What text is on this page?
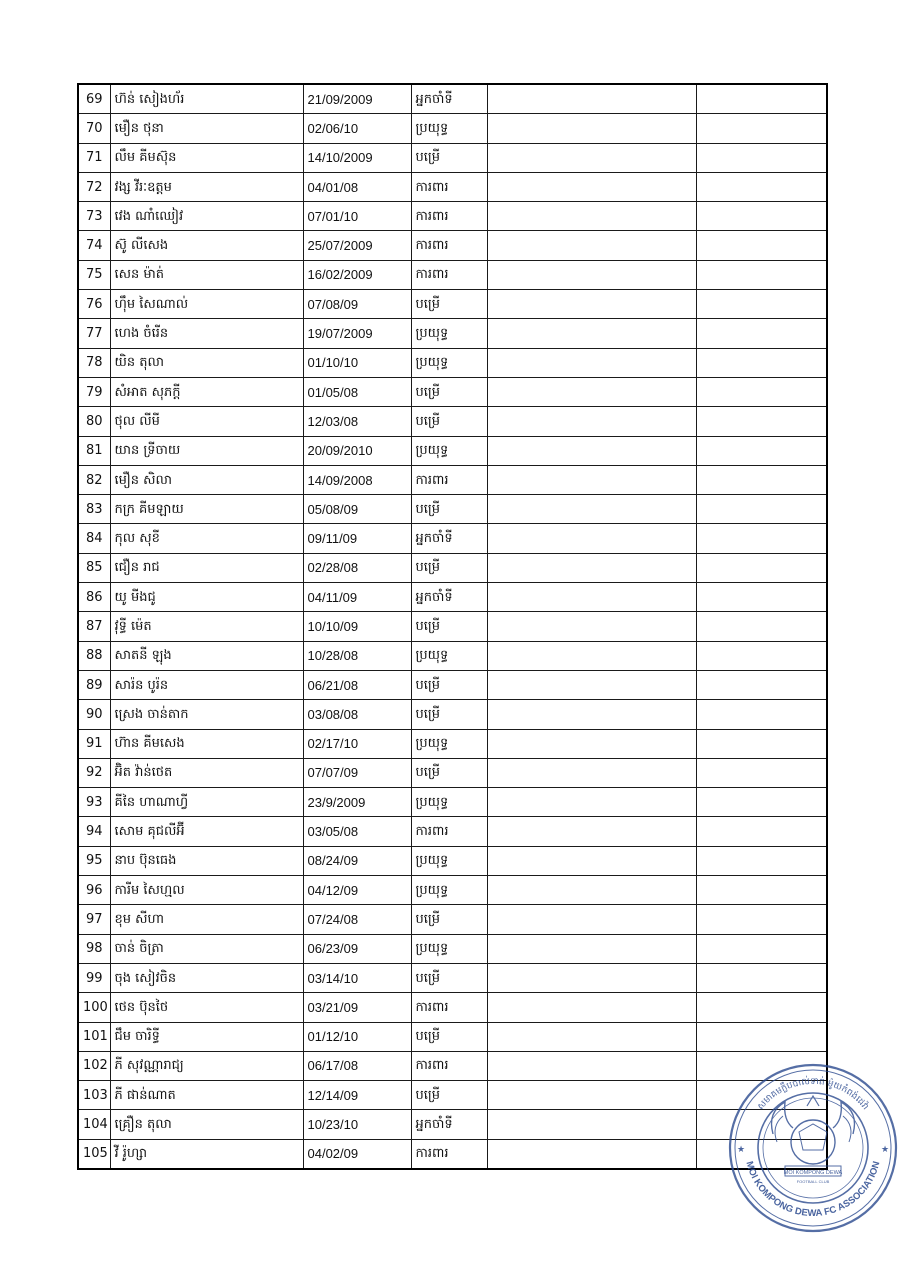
69	ហ៊ន់ សៀងហ័រ	21/09/2009	អ្នកចាំទី		
70	មឿន ថុនា	02/06/10	ប្រយុទ្ធ		
71	លឹម គីមស៊ុន	14/10/2009	បម្រើ		
72	វង្ស វីរៈឧត្តម	04/01/08	ការពារ		
73	វេង ណាំឈៀវ	07/01/10	ការពារ		
74	ស៊ូ លីសេង	25/07/2009	ការពារ		
75	សេន ម៉ាត់	16/02/2009	ការពារ		
76	ហ៊ឹម សៃណាល់	07/08/09	បម្រើ		
77	ហេង ចំរើន	19/07/2009	ប្រយុទ្ធ		
78	យិន តុលា	01/10/10	ប្រយុទ្ធ		
79	សំអាត សុភក្តី	01/05/08	បម្រើ		
80	ថុល លីមី	12/03/08	បម្រើ		
81	យាន ទ្រីចាយ	20/09/2010	ប្រយុទ្ធ		
82	មឿន សិលា	14/09/2008	ការពារ		
83	កក្រ គីមឡាយ	05/08/09	បម្រើ		
84	កុល សុខី	09/11/09	អ្នកចាំទី		
85	ជឿន រាជ	02/28/08	បម្រើ		
86	យូ មីងជូ	04/11/09	អ្នកចាំទី		
87	វុទ្ធី ម៉េត	10/10/09	បម្រើ		
88	សាតនី ឡុង	10/28/08	ប្រយុទ្ធ		
89	សារ៉ន បូរ៉ន	06/21/08	បម្រើ		
90	ស្រេង ចាន់តាក	03/08/08	បម្រើ		
91	ហ៊ាន គីមសេង	02/17/10	ប្រយុទ្ធ		
92	អ៊ិត វ៉ាន់ថេត	07/07/09	បម្រើ		
93	គីនៃ ហាណាហ្វី	23/9/2009	ប្រយុទ្ធ		
94	សោម គុជលីអ៊ី	03/05/08	ការពារ		
95	នាប ប៊ុនធេង	08/24/09	ប្រយុទ្ធ		
96	ការីម សៃហ្មល	04/12/09	ប្រយុទ្ធ		
97	ខុម សីហា	07/24/08	បម្រើ		
98	ចាន់ ចិត្រា	06/23/09	ប្រយុទ្ធ		
99	ចុង សៀវចិន	03/14/10	បម្រើ		
100	ថេន ប៊ុនថៃ	03/21/09	ការពារ		
101	ជឹម ចារិទ្ធី	01/12/10	បម្រើ		
102	ភី សុវណ្ណារាជ្យ	06/17/08	ការពារ		
103	ភី ផាន់ណាត	12/14/09	បម្រើ		
104	គ្រឿន តុលា	10/23/10	អ្នកចាំទី		
105	វី រ៉ូហ្សា	04/02/09	ការពារ		
សមាគមក្លឹបបាល់ទាត់ ម៉ូយកំពង់ដេវ៉ា
MOI KOMPONG DEWA FC ASSOCIATION
MOI KOMPONG DEWA
FOOTBALL CLUB
★	★
